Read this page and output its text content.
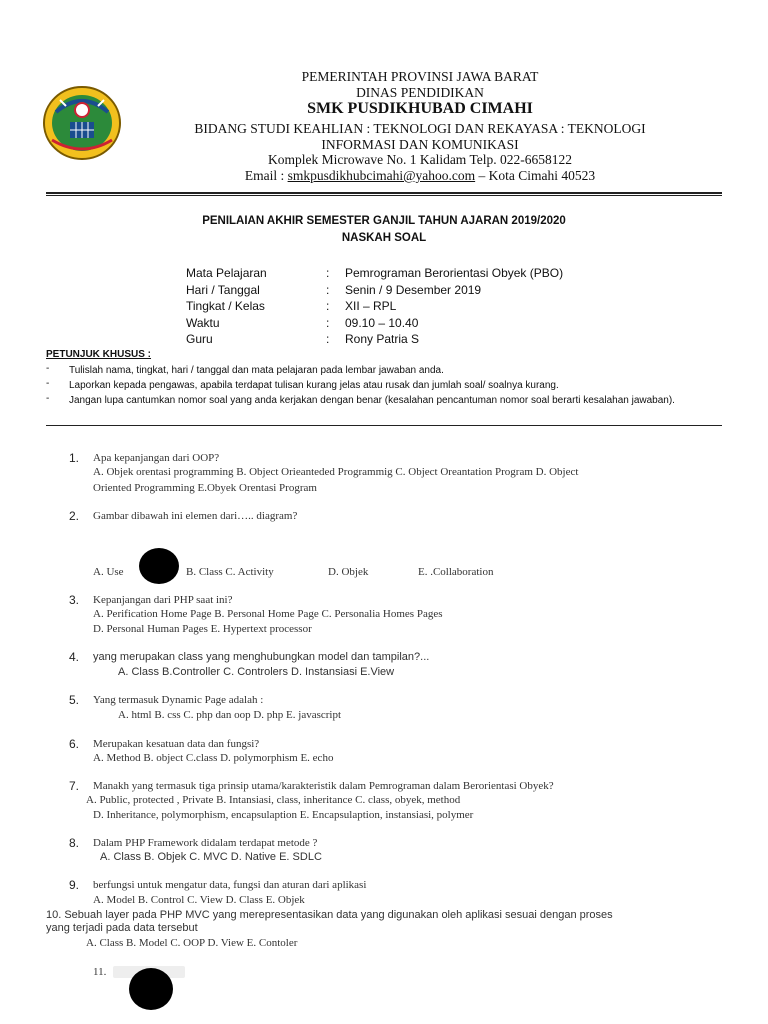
PEMERINTAH PROVINSI JAWA BARAT
DINAS PENDIDIKAN
SMK PUSDIKHUBAD CIMAHI
BIDANG STUDI KEAHLIAN : TEKNOLOGI DAN REKAYASA : TEKNOLOGI
INFORMASI DAN KOMUNIKASI
Komplek Microwave No. 1 Kalidam Telp. 022-6658122
Email : smkpusdikhubcimahi@yahoo.com – Kota Cimahi 40523
PENILAIAN AKHIR SEMESTER GANJIL TAHUN AJARAN 2019/2020
NASKAH SOAL
Mata Pelajaran	: Pemrograman Berorientasi Obyek (PBO)
Hari / Tanggal	: Senin / 9 Desember 2019
Tingkat / Kelas	: XII – RPL
Waktu	: 09.10 – 10.40
Guru	: Rony Patria S
PETUNJUK KHUSUS :
- Tulislah nama, tingkat, hari / tanggal dan mata pelajaran pada lembar jawaban anda.
- Laporkan kepada pengawas, apabila terdapat tulisan kurang jelas atau rusak dan jumlah soal/ soalnya kurang.
- Jangan lupa cantumkan nomor soal yang anda kerjakan dengan benar (kesalahan pencantuman nomor soal berarti kesalahan jawaban).
1. Apa kepanjangan dari OOP?
A. Objek orentasi programming B. Object Orieanteded Programmig C. Object Oreantation Program D. Object
Oriented Programming E.Obyek Orentasi Program
2. Gambar dibawah ini elemen dari….. diagram?
A. Use	B. Class C. Activity	D. Objek	E. .Collaboration
3. Kepanjangan dari PHP saat ini?
A. Perification Home Page B. Personal Home Page C. Personalia Homes Pages
D. Personal Human Pages E. Hypertext processor
4. yang merupakan class yang menghubungkan model dan tampilan?...
A. Class B.Controller C. Controlers D. Instansiasi E.View
5. Yang termasuk Dynamic Page adalah :
A. html B. css C. php dan oop D. php E. javascript
6. Merupakan kesatuan data dan fungsi?
A. Method B. object C.class D. polymorphism E. echo
7. Manakh yang termasuk tiga prinsip utama/karakteristik dalam Pemrograman dalam Berorientasi Obyek?
A. Public, protected , Private B. Intansiasi, class, inheritance C. class, obyek, method
D. Inheritance, polymorphism, encapsulaption E. Encapsulaption, instansiasi, polymer
8. Dalam PHP Framework didalam terdapat metode ?
A. Class B. Objek C. MVC D. Native E. SDLC
9. berfungsi untuk mengatur data, fungsi dan aturan dari aplikasi
A. Model B. Control C. View D. Class E. Objek
10. Sebuah layer pada PHP MVC yang merepresentasikan data yang digunakan oleh aplikasi sesuai dengan proses
yang terjadi pada data tersebut
A. Class B. Model C. OOP D. View E. Contoler
11.
